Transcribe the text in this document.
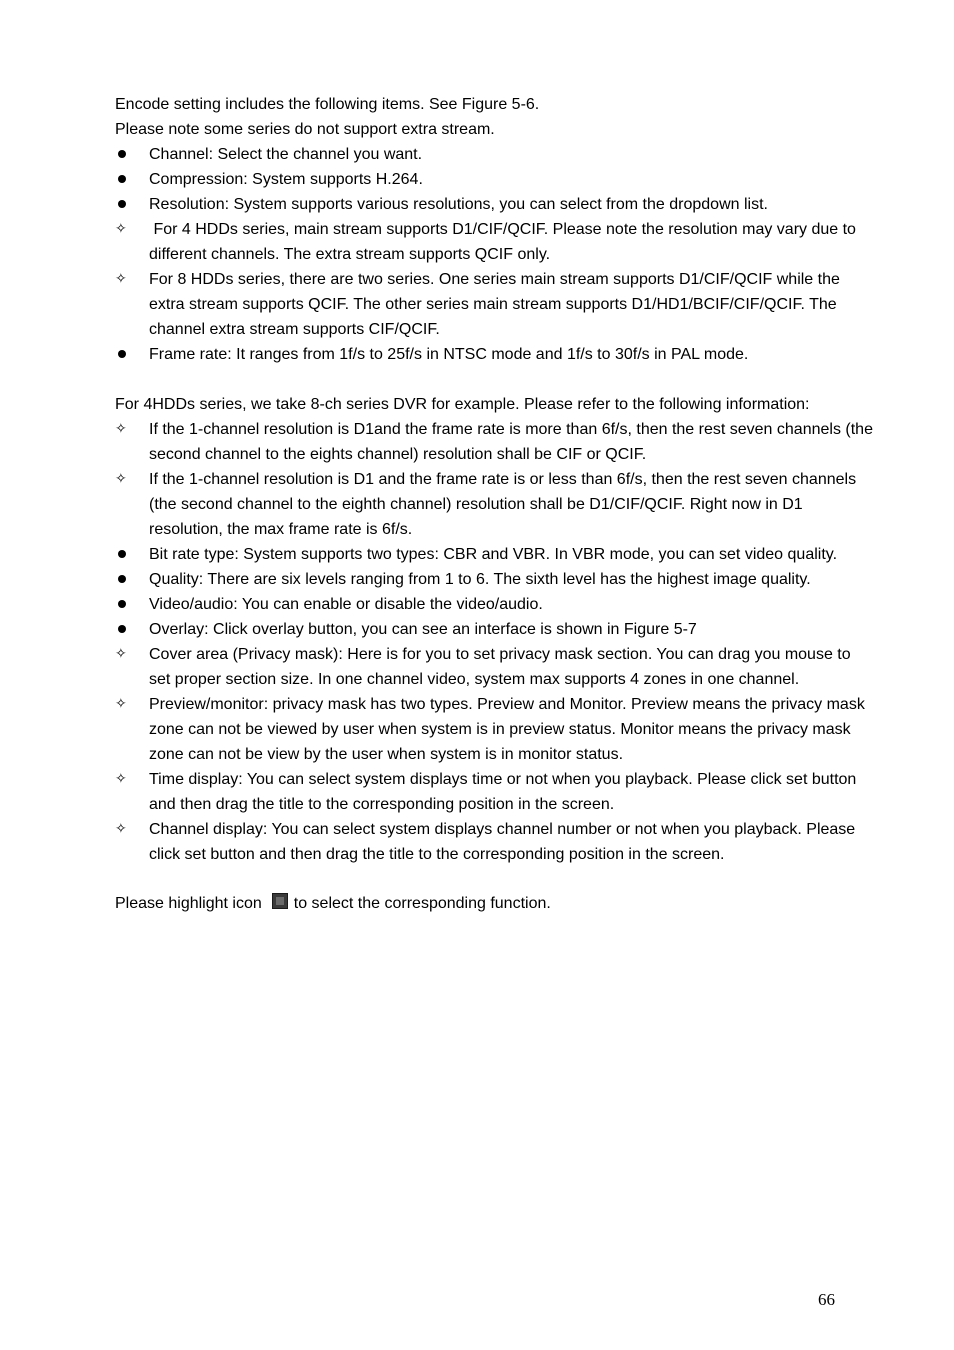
Encode setting includes the following items. See Figure 5-6.

Please note some series do not support extra stream.

Channel: Select the channel you want.
Compression: System supports H.264.
Resolution: System supports various resolutions, you can select from the dropdown list.
✧	For 4 HDDs series, main stream supports D1/CIF/QCIF. Please note the resolution may vary due to different channels. The extra stream supports QCIF only.
✧	For 8 HDDs series, there are two series. One series main stream supports D1/CIF/QCIF while the extra stream supports QCIF. The other series main stream supports D1/HD1/BCIF/CIF/QCIF. The channel extra stream supports CIF/QCIF.
Frame rate: It ranges from 1f/s to 25f/s in NTSC mode and 1f/s to 30f/s in PAL mode.

For 4HDDs series, we take 8-ch series DVR for example. Please refer to the following information:

✧	If the 1-channel resolution is D1and the frame rate is more than 6f/s, then the rest seven channels (the second channel to the eights channel) resolution shall be CIF or QCIF.
✧	If the 1-channel resolution is D1 and the frame rate is or less than 6f/s, then the rest seven channels (the second channel to the eighth channel) resolution shall be D1/CIF/QCIF. Right now in D1 resolution, the max frame rate is 6f/s.
Bit rate type: System supports two types: CBR and VBR. In VBR mode, you can set video quality.
Quality: There are six levels ranging from 1 to 6. The sixth level has the highest image quality.
Video/audio: You can enable or disable the video/audio.
Overlay: Click overlay button, you can see an interface is shown in Figure 5-7
✧	Cover area (Privacy mask): Here is for you to set privacy mask section. You can drag you mouse to set proper section size. In one channel video, system max supports 4 zones in one channel.
✧	Preview/monitor: privacy mask has two types. Preview and Monitor. Preview means the privacy mask zone can not be viewed by user when system is in preview status. Monitor means the privacy mask zone can not be view by the user when system is in monitor status.
✧	Time display: You can select system displays time or not when you playback. Please click set button and then drag the title to the corresponding position in the screen.
✧	Channel display: You can select system displays channel number or not when you playback. Please click set button and then drag the title to the corresponding position in the screen.

Please highlight icon to select the corresponding function.

66
